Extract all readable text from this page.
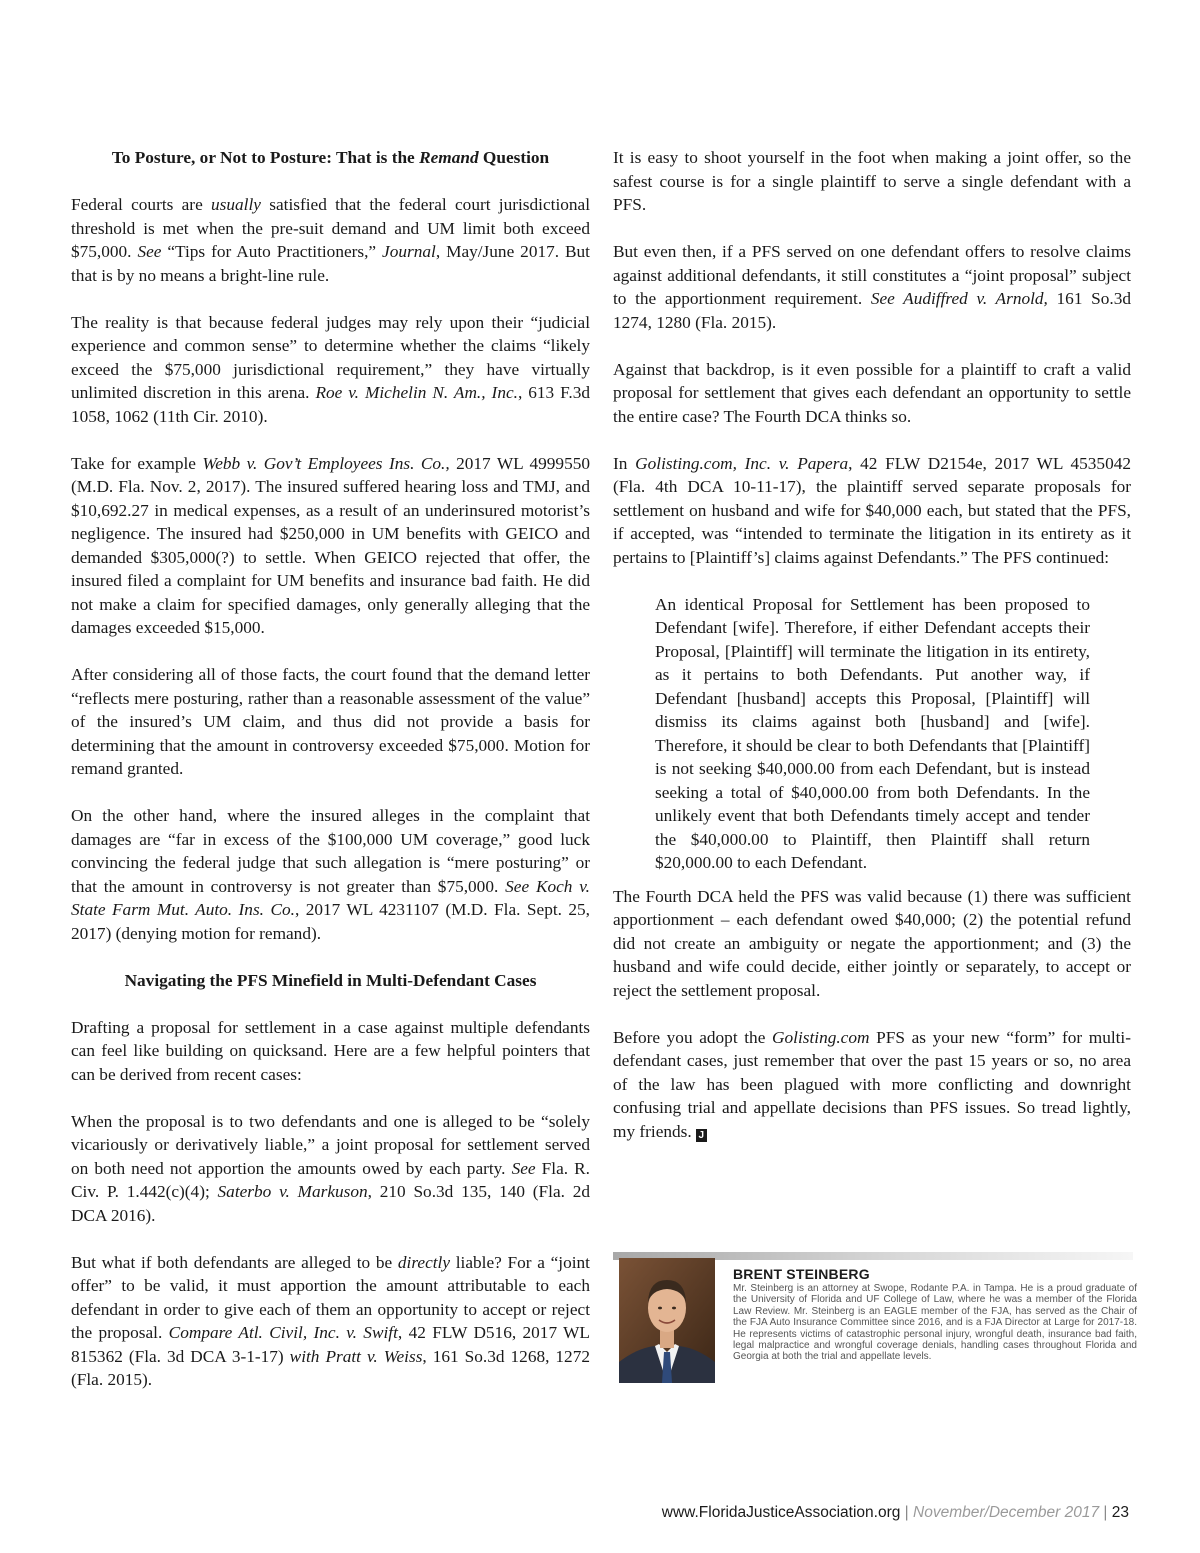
To Posture, or Not to Posture: That is the Remand Question

Federal courts are usually satisfied that the federal court jurisdictional threshold is met when the pre-suit demand and UM limit both exceed $75,000. See “Tips for Auto Practitioners,” Journal, May/June 2017. But that is by no means a bright-line rule.

The reality is that because federal judges may rely upon their “judicial experience and common sense” to determine whether the claims “likely exceed the $75,000 jurisdictional requirement,” they have virtually unlimited discretion in this arena. Roe v. Michelin N. Am., Inc., 613 F.3d 1058, 1062 (11th Cir. 2010).

Take for example Webb v. Gov’t Employees Ins. Co., 2017 WL 4999550 (M.D. Fla. Nov. 2, 2017). The insured suffered hearing loss and TMJ, and $10,692.27 in medical expenses, as a result of an underinsured motorist’s negligence. The insured had $250,000 in UM benefits with GEICO and demanded $305,000(?) to settle. When GEICO rejected that offer, the insured filed a complaint for UM benefits and insurance bad faith. He did not make a claim for specified damages, only generally alleging that the damages exceeded $15,000.

After considering all of those facts, the court found that the demand letter “reflects mere posturing, rather than a reasonable assessment of the value” of the insured’s UM claim, and thus did not provide a basis for determining that the amount in controversy exceeded $75,000. Motion for remand granted.

On the other hand, where the insured alleges in the complaint that damages are “far in excess of the $100,000 UM coverage,” good luck convincing the federal judge that such allegation is “mere posturing” or that the amount in controversy is not greater than $75,000. See Koch v. State Farm Mut. Auto. Ins. Co., 2017 WL 4231107 (M.D. Fla. Sept. 25, 2017) (denying motion for remand).

Navigating the PFS Minefield in Multi-Defendant Cases

Drafting a proposal for settlement in a case against multiple defendants can feel like building on quicksand. Here are a few helpful pointers that can be derived from recent cases:

When the proposal is to two defendants and one is alleged to be “solely vicariously or derivatively liable,” a joint proposal for settlement served on both need not apportion the amounts owed by each party. See Fla. R. Civ. P. 1.442(c)(4); Saterbo v. Markuson, 210 So.3d 135, 140 (Fla. 2d DCA 2016).

But what if both defendants are alleged to be directly liable? For a “joint offer” to be valid, it must apportion the amount attributable to each defendant in order to give each of them an opportunity to accept or reject the proposal. Compare Atl. Civil, Inc. v. Swift, 42 FLW D516, 2017 WL 815362 (Fla. 3d DCA 3-1-17) with Pratt v. Weiss, 161 So.3d 1268, 1272 (Fla. 2015).

It is easy to shoot yourself in the foot when making a joint offer, so the safest course is for a single plaintiff to serve a single defendant with a PFS.

But even then, if a PFS served on one defendant offers to resolve claims against additional defendants, it still constitutes a “joint proposal” subject to the apportionment requirement. See Audiffred v. Arnold, 161 So.3d 1274, 1280 (Fla. 2015).

Against that backdrop, is it even possible for a plaintiff to craft a valid proposal for settlement that gives each defendant an opportunity to settle the entire case? The Fourth DCA thinks so.

In Golisting.com, Inc. v. Papera, 42 FLW D2154e, 2017 WL 4535042 (Fla. 4th DCA 10-11-17), the plaintiff served separate proposals for settlement on husband and wife for $40,000 each, but stated that the PFS, if accepted, was “intended to terminate the litigation in its entirety as it pertains to [Plaintiff’s] claims against Defendants.” The PFS continued:

An identical Proposal for Settlement has been proposed to Defendant [wife]. Therefore, if either Defendant accepts their Proposal, [Plaintiff] will terminate the litigation in its entirety, as it pertains to both Defendants. Put another way, if Defendant [husband] accepts this Proposal, [Plaintiff] will dismiss its claims against both [husband] and [wife]. Therefore, it should be clear to both Defendants that [Plaintiff] is not seeking $40,000.00 from each Defendant, but is instead seeking a total of $40,000.00 from both Defendants. In the unlikely event that both Defendants timely accept and tender the $40,000.00 to Plaintiff, then Plaintiff shall return $20,000.00 to each Defendant.

The Fourth DCA held the PFS was valid because (1) there was sufficient apportionment – each defendant owed $40,000; (2) the potential refund did not create an ambiguity or negate the apportionment; and (3) the husband and wife could decide, either jointly or separately, to accept or reject the settlement proposal.

Before you adopt the Golisting.com PFS as your new “form” for multi-defendant cases, just remember that over the past 15 years or so, no area of the law has been plagued with more conflicting and downright confusing trial and appellate decisions than PFS issues. So tread lightly, my friends. J

BRENT STEINBERG

Mr. Steinberg is an attorney at Swope, Rodante P.A. in Tampa. He is a proud graduate of the University of Florida and UF College of Law, where he was a member of the Florida Law Review. Mr. Steinberg is an EAGLE member of the FJA, has served as the Chair of the FJA Auto Insurance Committee since 2016, and is a FJA Director at Large for 2017-18. He represents victims of catastrophic personal injury, wrongful death, insurance bad faith, legal malpractice and wrongful coverage denials, handling cases throughout Florida and Georgia at both the trial and appellate levels.

www.FloridaJusticeAssociation.org | November/December 2017 | 23
